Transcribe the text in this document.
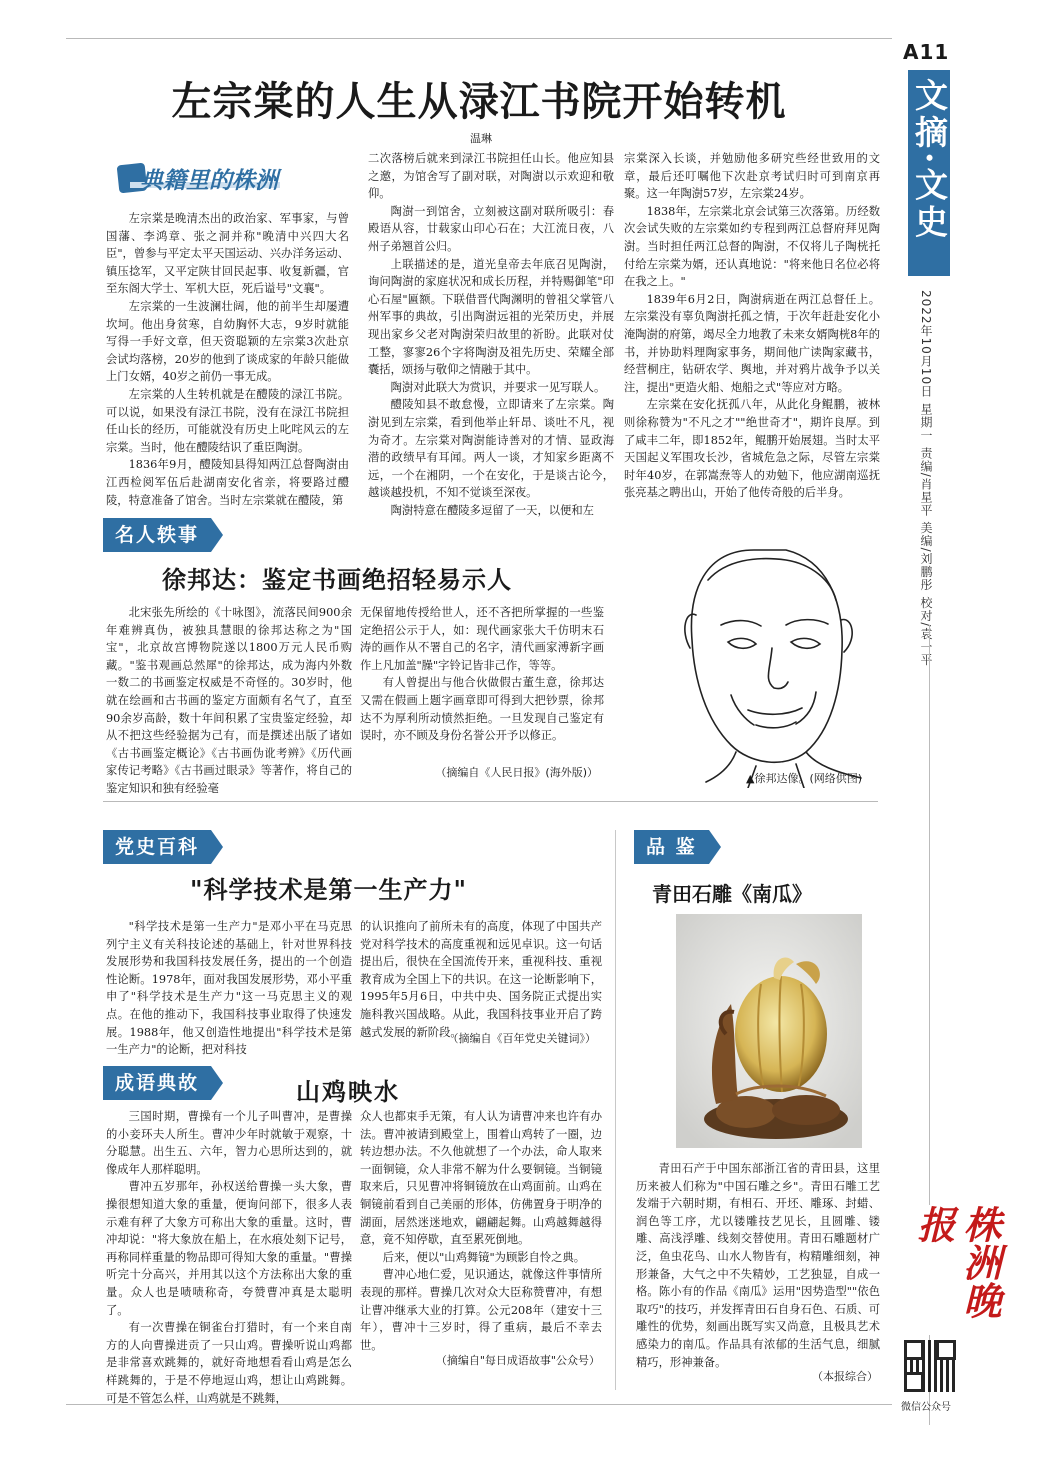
A11
文摘·文史
2022年10月10日 星期一 责编/肖星平 美编/刘鹏彤 校对/袁一平
株洲晚报
微信公众号
左宗棠的人生从渌江书院开始转机
温琳
典籍里的株洲

左宗棠是晚清杰出的政治家、军事家，与曾国藩、李鸿章、张之洞并称"晚清中兴四大名臣"，曾参与平定太平天国运动、兴办洋务运动、镇压捻军，又平定陕甘回民起事、收复新疆，官至东阁大学士、军机大臣，死后谥号"文襄"。

左宗棠的一生波澜壮阔，他的前半生却屡遭坎坷。他出身贫寒，自幼胸怀大志，9岁时就能写得一手好文章，但天资聪颖的左宗棠3次赴京会试均落榜，20岁的他到了谈成家的年龄只能做上门女婿，40岁之前仍一事无成。

左宗棠的人生转机就是在醴陵的渌江书院。可以说，如果没有渌江书院，没有在渌江书院担任山长的经历，可能就没有历史上叱咤风云的左宗棠。当时，他在醴陵结识了重臣陶澍。

1836年9月，醴陵知县得知两江总督陶澍由江西检阅军伍后赴湖南安化省亲，将要路过醴陵，特意准备了馆舍。当时左宗棠就在醴陵，第

二次落榜后就来到渌江书院担任山长。他应知县之邀，为馆舍写了副对联，对陶澍以示欢迎和敬仰。

陶澍一到馆舍，立刻被这副对联所吸引：春殿语从容，廿载家山印心石在；大江流日夜，八州子弟翘首公归。

上联描述的是，道光皇帝去年底召见陶澍，询问陶澍的家庭状况和成长历程，并特赐御笔"印心石屋"匾额。下联借晋代陶渊明的曾祖父掌管八州军事的典故，引出陶澍远祖的光荣历史，并展现出家乡父老对陶澍荣归故里的祈盼。此联对仗工整，寥寥26个字将陶澍及祖先历史、荣耀全部囊括，颂扬与敬仰之情融于其中。

陶澍对此联大为赏识，并要求一见写联人。

醴陵知县不敢怠慢，立即请来了左宗棠。陶澍见到左宗棠，看到他举止轩昂、谈吐不凡，视为奇才。左宗棠对陶澍能诗善对的才情、显政海潜的政绩早有耳闻。两人一谈，才知家乡距离不远，一个在湘阴，一个在安化，于是谈古论今，越谈越投机，不知不觉谈至深夜。

陶澍特意在醴陵多逗留了一天，以便和左

宗棠深入长谈，并勉励他多研究些经世致用的文章，最后还叮嘱他下次赴京考试归时可到南京再聚。这一年陶澍57岁，左宗棠24岁。

1838年，左宗棠北京会试第三次落第。历经数次会试失败的左宗棠如约专程到两江总督府拜见陶澍。当时担任两江总督的陶澍，不仅将儿子陶桄托付给左宗棠为婿，还认真地说："将来他日名位必将在我之上。"

1839年6月2日，陶澍病逝在两江总督任上。左宗棠没有辜负陶澍托孤之情，于次年赶赴安化小淹陶澍的府第，竭尽全力地教了未来女婿陶桄8年的书，并协助料理陶家事务，期间他广读陶家藏书，经营桐庄，钻研农学、舆地，并对鸦片战争予以关注，提出"更造火船、炮船之式"等应对方略。

左宗棠在安化抚孤八年，从此化身鲲鹏，被林则徐称赞为"不凡之才""绝世奇才"，期许良厚。到了咸丰二年，即1852年，鲲鹏开始展翅。当时太平天国起义军围攻长沙，省城危急之际，尽管左宗棠时年40岁，在郭嵩焘等人的劝勉下，他应湖南巡抚张亮基之聘出山，开始了他传奇般的后半身。

名人轶事
徐邦达：鉴定书画绝招轻易示人

北宋张先所绘的《十咏图》，流落民间900余年难辨真伪，被独具慧眼的徐邦达称之为"国宝"，北京故宫博物院遂以1800万元人民币购藏。"鉴书观画总然犀"的徐邦达，成为海内外数一数二的书画鉴定权威是不奇怪的。30岁时，他就在绘画和古书画的鉴定方面颇有名气了，直至90余岁高龄，数十年间积累了宝贵鉴定经验，却从不把这些经验据为己有，而是撰述出版了诸如《古书画鉴定概论》《古书画伪讹考辨》《历代画家传记考略》《古书画过眼录》等著作，将自己的鉴定知识和独有经验毫

无保留地传授给世人，还不吝把所掌握的一些鉴定绝招公示于人，如：现代画家张大千仿明末石涛的画作从不署自己的名字，清代画家溥新字画作上凡加盖"臊"字铃记皆非己作，等等。

有人曾提出与他合伙做假古董生意，徐邦达又需在假画上题字画章即可得到大把钞票，徐邦达不为厚利所动愤然拒绝。一旦发现自己鉴定有误时，亦不顾及身份名誉公开予以修正。

（摘编自《人民日报》(海外版)）	▲徐邦达像。(网络供图)
党史百科
"科学技术是第一生产力"

"科学技术是第一生产力"是邓小平在马克思列宁主义有关科技论述的基础上，针对世界科技发展形势和我国科技发展任务，提出的一个创造性论断。1978年，面对我国发展形势，邓小平重申了"科学技术是生产力"这一马克思主义的观点。在他的推动下，我国科技事业取得了快速发展。1988年，他又创造性地提出"科学技术是第一生产力"的论断，把对科技

的认识推向了前所未有的高度，体现了中国共产党对科学技术的高度重视和远见卓识。这一句话提出后，很快在全国流传开来，重视科技、重视教育成为全国上下的共识。在这一论断影响下，1995年5月6日，中共中央、国务院正式提出实施科教兴国战略。从此，我国科技事业开启了跨越式发展的新阶段。

（摘编自《百年党史关键词》）
成语典故	山鸡映水

三国时期，曹操有一个儿子叫曹冲，是曹操的小妾环夫人所生。曹冲少年时就敏于观察，十分聪慧。出生五、六年，智力心思所达到的，就像成年人那样聪明。

曹冲五岁那年，孙权送给曹操一头大象，曹操很想知道大象的重量，便询问部下，很多人表示难有秤了大象方可称出大象的重量。这时，曹冲却说："将大象放在船上，在水痕处刻下记号，再称同样重量的物品即可得知大象的重量。"曹操听完十分高兴，并用其以这个方法称出大象的重量。众人也是啧啧称奇，夸赞曹冲真是太聪明了。

有一次曹操在铜雀台打猎时，有一个来自南方的人向曹操进贡了一只山鸡。曹操听说山鸡都是非常喜欢跳舞的，就好奇地想看看山鸡是怎么样跳舞的，于是不停地逗山鸡，想让山鸡跳舞。可是不管怎么样，山鸡就是不跳舞，

众人也都束手无策，有人认为请曹冲来也许有办法。曹冲被请到殿堂上，围着山鸡转了一圈，边转边想办法。不久他就想了一个办法，命人取来一面铜镜，众人非常不解为什么要铜镜。当铜镜取来后，只见曹冲将铜镜放在山鸡面前。山鸡在铜镜前看到自己美丽的形体，仿佛置身于明净的湖面，居然迷迷地欢，翩翩起舞。山鸡越舞越得意，竟不知停歇，直至累死倒地。

后来，便以"山鸡舞镜"为顾影自怜之典。

曹冲心地仁爱，见识通达，就像这件事情所表现的那样。曹操几次对众大臣称赞曹冲，有想让曹冲继承大业的打算。公元208年（建安十三年），曹冲十三岁时，得了重病，最后不幸去世。

（摘编自"每日成语故事"公众号）
品 鉴
青田石雕《南瓜》

青田石产于中国东部浙江省的青田县，这里历来被人们称为"中国石雕之乡"。青田石雕工艺发端于六朝时期，有相石、开坯、雕琢、封蜡、润色等工序，尤以镂雕技艺见长，且圆雕、镂雕、高浅浮雕、线刻交替使用。青田石雕题材广泛，鱼虫花鸟、山水人物皆有，构精雕细刻，神形兼备，大气之中不失精妙，工艺独显，自成一格。陈小有的作品《南瓜》运用"因势造型""依色取巧"的技巧，并发挥青田石自身石色、石质、可雕性的优势，刻画出既写实又尚意，且极具艺术感染力的南瓜。作品具有浓郁的生活气息，细腻精巧，形神兼备。

（本报综合）
